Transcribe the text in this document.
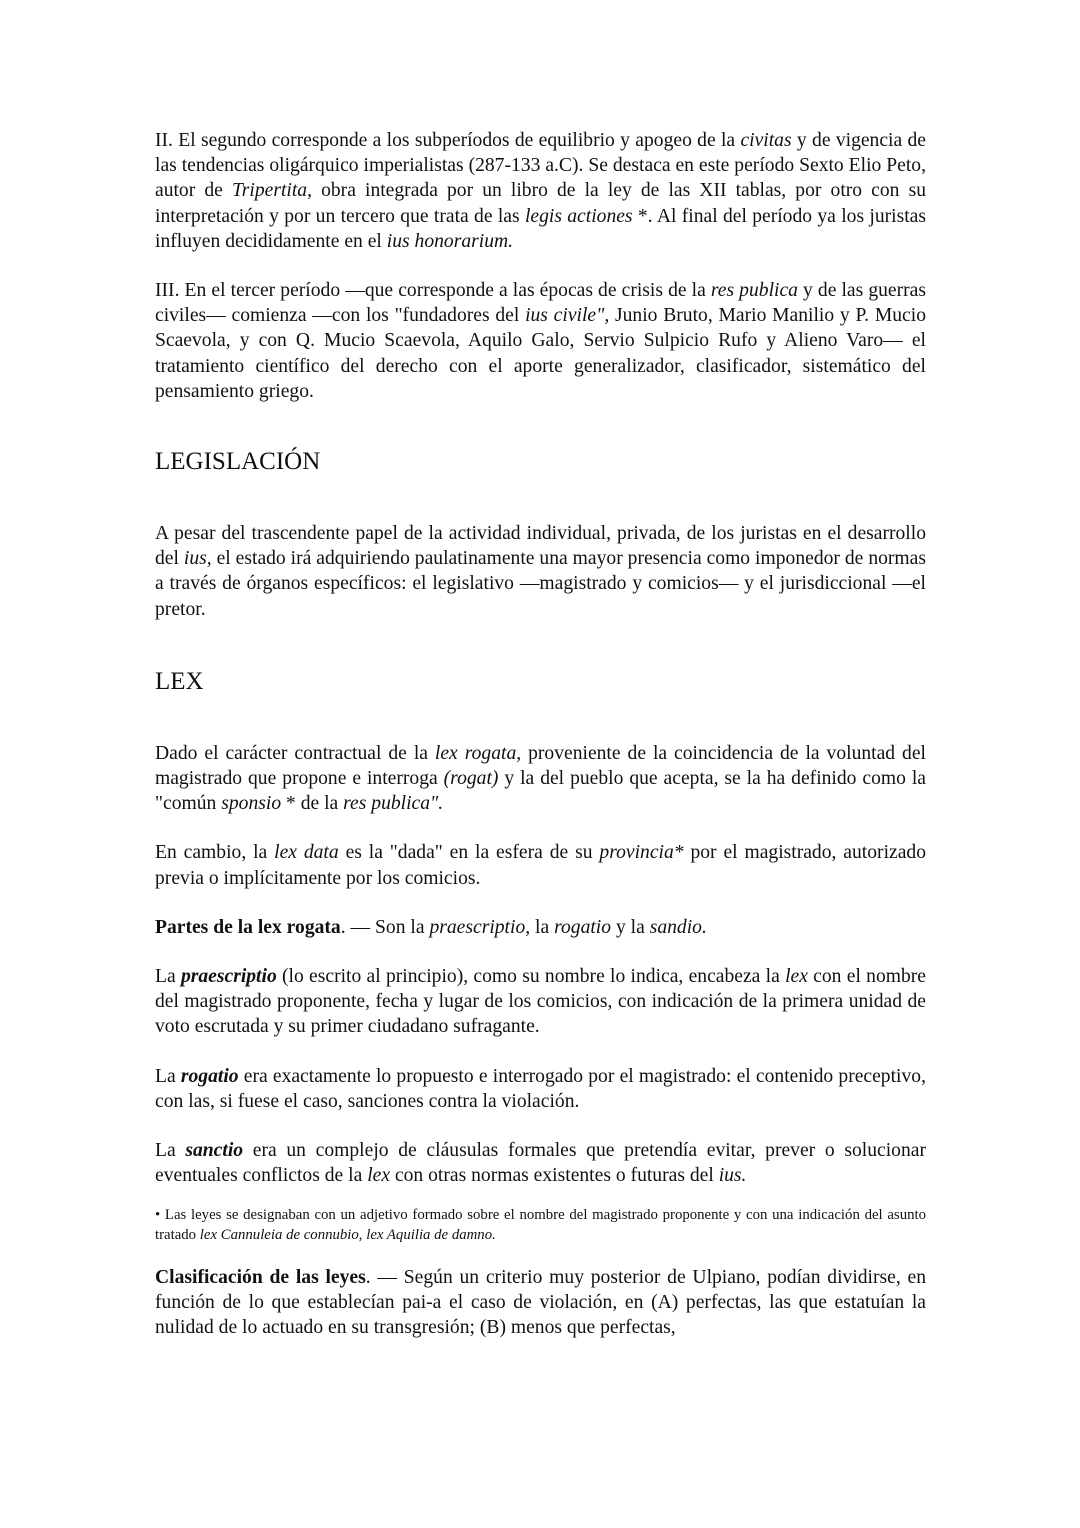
II. El segundo corresponde a los subperíodos de equilibrio y apogeo de la civitas y de vigencia de las tendencias oligárquico imperialistas (287-133 a.C). Se destaca en este período Sexto Elio Peto, autor de Tripertita, obra integrada por un libro de la ley de las XII tablas, por otro con su interpretación y por un tercero que trata de las legis actiones *. Al final del período ya los juristas influyen decididamente en el ius honorarium.

III. En el tercer período —que corresponde a las épocas de crisis de la res publica y de las guerras civiles— comienza —con los "fundadores del ius civile", Junio Bruto, Mario Manilio y P. Mucio Scaevola, y con Q. Mucio Scaevola, Aquilo Galo, Servio Sulpicio Rufo y Alieno Varo— el tratamiento científico del derecho con el aporte generalizador, clasificador, sistemático del pensamiento griego.

LEGISLACIÓN

A pesar del trascendente papel de la actividad individual, privada, de los juristas en el desarrollo del ius, el estado irá adquiriendo paulatinamente una mayor presencia como imponedor de normas a través de órganos específicos: el legislativo —magistrado y comicios— y el jurisdiccional —el pretor.

LEX

Dado el carácter contractual de la lex rogata, proveniente de la coincidencia de la voluntad del magistrado que propone e interroga (rogat) y la del pueblo que acepta, se la ha definido como la "común sponsio * de la res publica".

En cambio, la lex data es la "dada" en la esfera de su provincia* por el magistrado, autorizado previa o implícitamente por los comicios.

Partes de la lex rogata. — Son la praescriptio, la rogatio y la sandio.

La praescriptio (lo escrito al principio), como su nombre lo indica, encabeza la lex con el nombre del magistrado proponente, fecha y lugar de los comicios, con indicación de la primera unidad de voto escrutada y su primer ciudadano sufragante.

La rogatio era exactamente lo propuesto e interrogado por el magistrado: el contenido preceptivo, con las, si fuese el caso, sanciones contra la violación.

La sanctio era un complejo de cláusulas formales que pretendía evitar, prever o solucionar eventuales conflictos de la lex con otras normas existentes o futuras del ius.

• Las leyes se designaban con un adjetivo formado sobre el nombre del magistrado proponente y con una indicación del asunto tratado lex Cannuleia de connubio, lex Aquilia de damno.

Clasificación de las leyes. — Según un criterio muy posterior de Ulpiano, podían dividirse, en función de lo que establecían pai-a el caso de violación, en (A) perfectas, las que estatuían la nulidad de lo actuado en su transgresión; (B) menos que perfectas,
